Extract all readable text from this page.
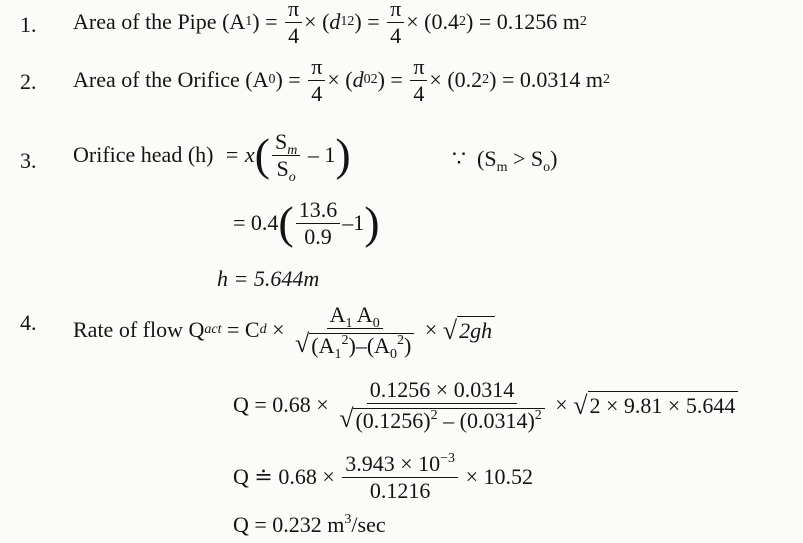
1. Area of the Pipe
(A 1 ) = $\frac{\pi}{4}$ × ( d 1 2 ) = $\frac{\pi}{4}$ ×
(0.4 2 ) = 0.1256 m 2
2. Area of the Orifice
(A 0 ) = $\frac{\pi}{4}$ × ( d 0 2 ) = $\frac{\pi}{4}$ ×
(0.2 2 ) = 0.0314 m 2
3. Orifice head (h)
= x ( $\frac{S_m}{S_o}$
– 1 )	∵ $(S_m > S_o)$
= 0.4 ( $\frac{13.6}{0.9} -1$ )
h = 5.644m
4. Rate of flow Q act
= C d
×
$\frac{A_1 A_0}{√ (A_1^2)-(A_0^2)}$
×
√ 2gh
Q = 0.68 ×
$\frac{0.1256 \times 0.0314}{√ (0.1256)^2 - (0.0314)^2}$
×
√ 2 × 9.81 × 5.644
Q ≐ 0.68 ×
$\frac{3.943 \times 10^{-3}}{0.1216}$
× 10.52
Q = 0.232 $m^3/\sec$
